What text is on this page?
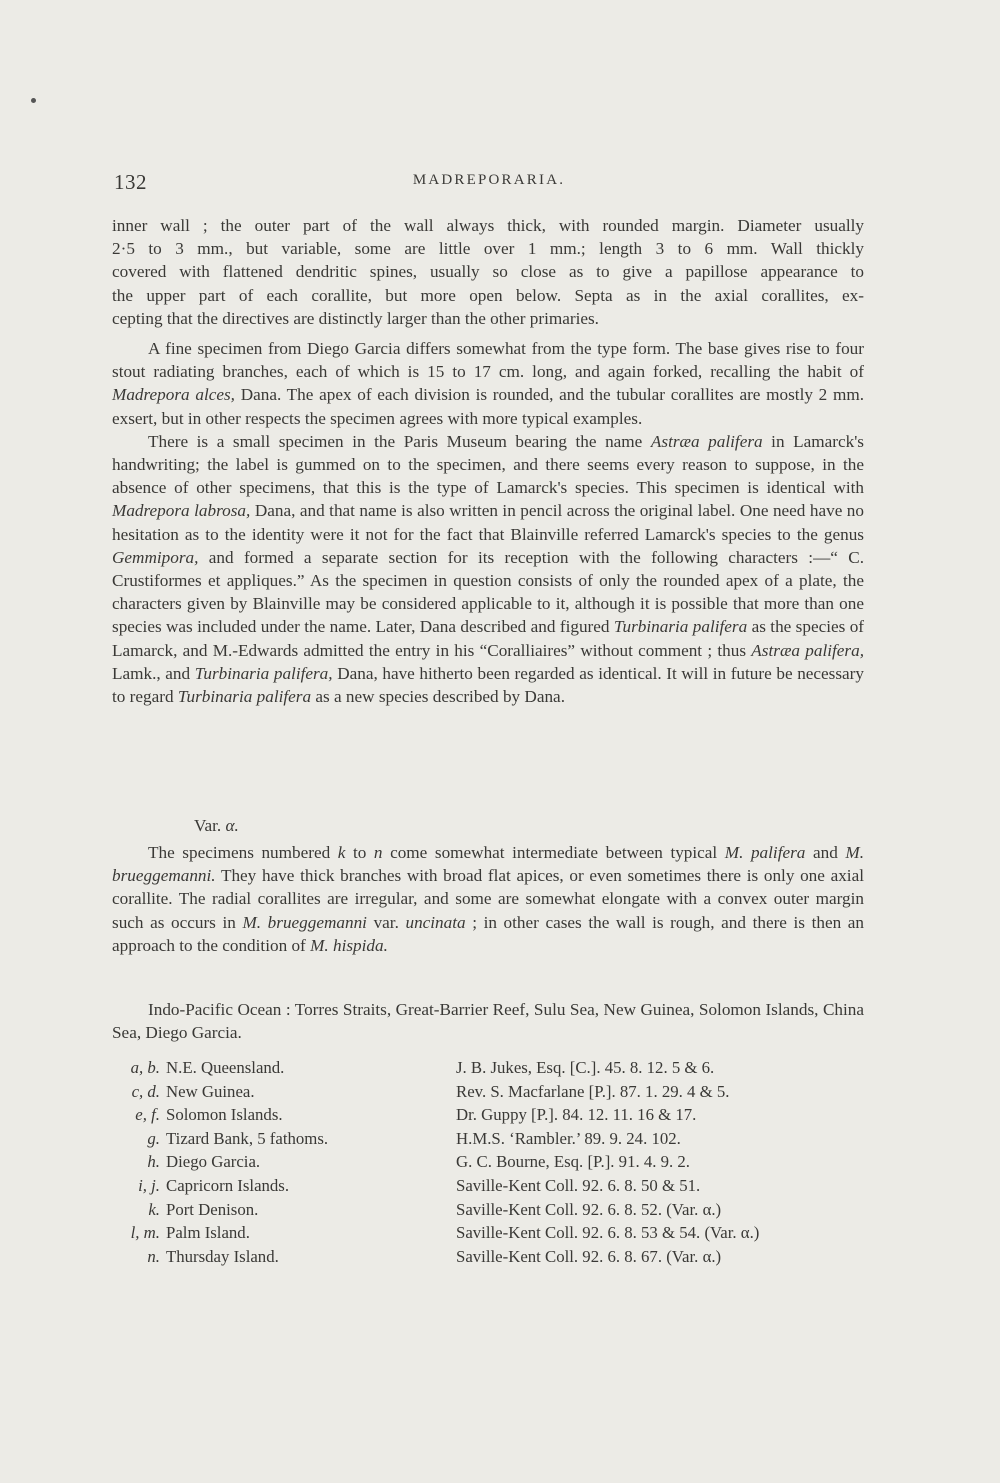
132	MADREPORARIA.
inner wall ; the outer part of the wall always thick, with rounded margin. Diameter usually
2·5 to 3 mm., but variable, some are little over 1 mm.; length 3 to 6 mm. Wall thickly
covered with flattened dendritic spines, usually so close as to give a papillose appearance to
the upper part of each corallite, but more open below. Septa as in the axial corallites, ex-
cepting that the directives are distinctly larger than the other primaries.

A fine specimen from Diego Garcia differs somewhat from the type form. The base gives rise to four stout radiating branches, each of which is 15 to 17 cm. long, and again forked, recalling the habit of Madrepora alces, Dana. The apex of each division is rounded, and the tubular corallites are mostly 2 mm. exsert, but in other respects the specimen agrees with more typical examples.

There is a small specimen in the Paris Museum bearing the name Astræa palifera in Lamarck's handwriting; the label is gummed on to the specimen, and there seems every reason to suppose, in the absence of other specimens, that this is the type of Lamarck's species. This specimen is identical with Madrepora labrosa, Dana, and that name is also written in pencil across the original label. One need have no hesitation as to the identity were it not for the fact that Blainville referred Lamarck's species to the genus Gemmipora, and formed a separate section for its reception with the following characters :—“ C. Crustiformes et appliques.” As the specimen in question consists of only the rounded apex of a plate, the characters given by Blainville may be considered applicable to it, although it is possible that more than one species was included under the name. Later, Dana described and figured Turbinaria palifera as the species of Lamarck, and M.-Edwards admitted the entry in his “Coralliaires” without comment ; thus Astræa palifera, Lamk., and Turbinaria palifera, Dana, have hitherto been regarded as identical. It will in future be necessary to regard Turbinaria palifera as a new species described by Dana.

Var. α.

The specimens numbered k to n come somewhat intermediate between typical M. palifera and M. brueggemanni. They have thick branches with broad flat apices, or even sometimes there is only one axial corallite. The radial corallites are irregular, and some are somewhat elongate with a convex outer margin such as occurs in M. brueggemanni var. uncinata ; in other cases the wall is rough, and there is then an approach to the condition of M. hispida.

Indo-Pacific Ocean : Torres Straits, Great-Barrier Reef, Sulu Sea, New Guinea, Solomon Islands, China Sea, Diego Garcia.

a, b. N.E. Queensland.	J. B. Jukes, Esq. [C.]. 45. 8. 12. 5 & 6.
c, d. New Guinea.	Rev. S. Macfarlane [P.]. 87. 1. 29. 4 & 5.
e, f. Solomon Islands.	Dr. Guppy [P.]. 84. 12. 11. 16 & 17.
g. Tizard Bank, 5 fathoms.	H.M.S. ‘Rambler.’ 89. 9. 24. 102.
h. Diego Garcia.	G. C. Bourne, Esq. [P.]. 91. 4. 9. 2.
i, j. Capricorn Islands.	Saville-Kent Coll. 92. 6. 8. 50 & 51.
k. Port Denison.	Saville-Kent Coll. 92. 6. 8. 52. (Var. α.)
l, m. Palm Island.	Saville-Kent Coll. 92. 6. 8. 53 & 54. (Var. α.)
n. Thursday Island.	Saville-Kent Coll. 92. 6. 8. 67. (Var. α.)
